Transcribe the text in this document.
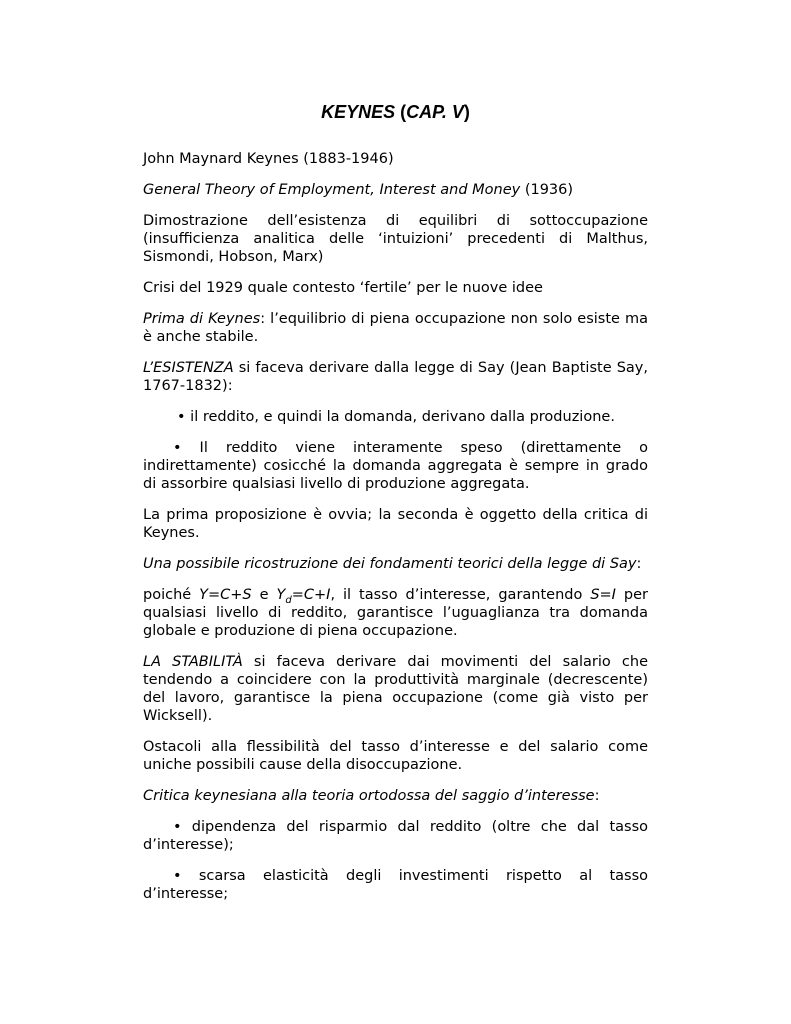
KEYNES (CAP. V)

John Maynard Keynes (1883-1946)

General Theory of Employment, Interest and Money (1936)

Dimostrazione dell’esistenza di equilibri di sottoccupazione (insufficienza analitica delle ‘intuizioni’ precedenti di Malthus, Sismondi, Hobson, Marx)

Crisi del 1929 quale contesto ‘fertile’ per le nuove idee

Prima di Keynes: l’equilibrio di piena occupazione non solo esiste ma è anche stabile.

L’ESISTENZA si faceva derivare dalla legge di Say (Jean Baptiste Say, 1767-1832):

• il reddito, e quindi la domanda, derivano dalla produzione.

• Il reddito viene interamente speso (direttamente o indirettamente) cosicché la domanda aggregata è sempre in grado di assorbire qualsiasi livello di produzione aggregata.

La prima proposizione è ovvia; la seconda è oggetto della critica di Keynes.

Una possibile ricostruzione dei fondamenti teorici della legge di Say:

poiché Y=C+S e $Y_d=C+I$, il tasso d’interesse, garantendo S=I per qualsiasi livello di reddito, garantisce l’uguaglianza tra domanda globale e produzione di piena occupazione.

LA STABILITÀ si faceva derivare dai movimenti del salario che tendendo a coincidere con la produttività marginale (decrescente) del lavoro, garantisce la piena occupazione (come già visto per Wicksell).

Ostacoli alla flessibilità del tasso d’interesse e del salario come uniche possibili cause della disoccupazione.

Critica keynesiana alla teoria ortodossa del saggio d’interesse:

• dipendenza del risparmio dal reddito (oltre che dal tasso d’interesse);

• scarsa elasticità degli investimenti rispetto al tasso d’interesse;
